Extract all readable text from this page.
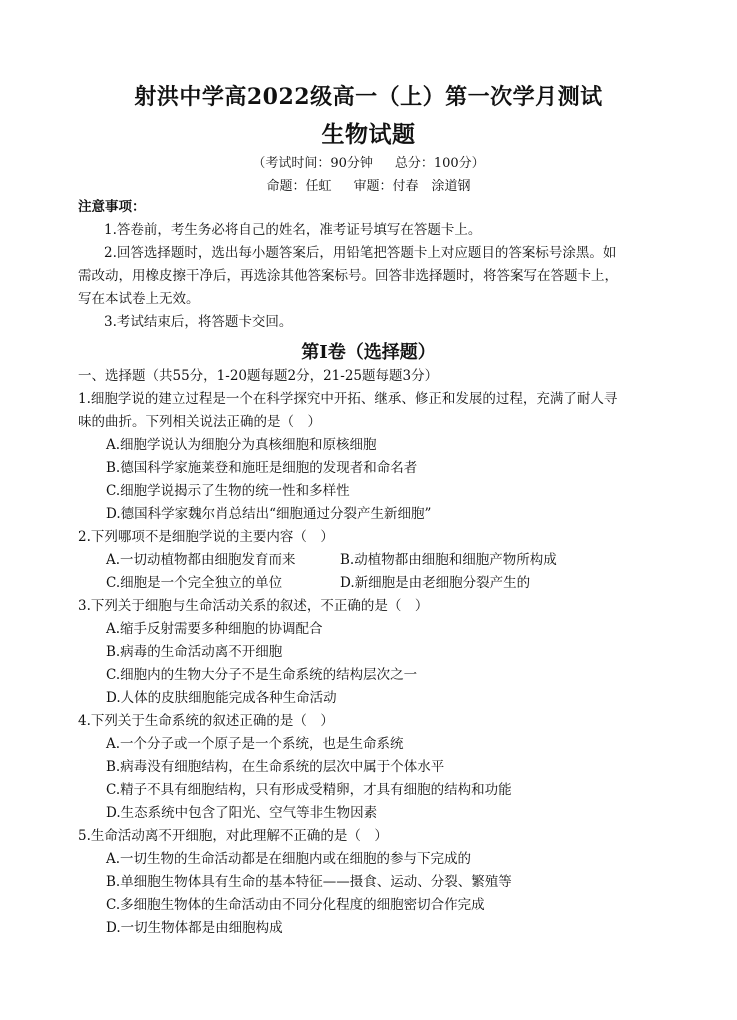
射洪中学高2022级高一（上）第一次学月测试
生物试题
（考试时间：90分钟 总分：100分）
命题：任虹 审题：付春　涂道钢
注意事项：
1.答卷前，考生务必将自己的姓名，准考证号填写在答题卡上。
2.回答选择题时，选出每小题答案后，用铅笔把答题卡上对应题目的答案标号涂黑。如
需改动，用橡皮擦干净后，再选涂其他答案标号。回答非选择题时，将答案写在答题卡上，
写在本试卷上无效。
3.考试结束后，将答题卡交回。
第Ⅰ卷（选择题）
一、选择题（共55分，1-20题每题2分，21-25题每题3分）
1.细胞学说的建立过程是一个在科学探究中开拓、继承、修正和发展的过程，充满了耐人寻
味的曲折。下列相关说法正确的是（　）
A.细胞学说认为细胞分为真核细胞和原核细胞
B.德国科学家施莱登和施旺是细胞的发现者和命名者
C.细胞学说揭示了生物的统一性和多样性
D.德国科学家魏尔肖总结出“细胞通过分裂产生新细胞”
2.下列哪项不是细胞学说的主要内容（　）
A.一切动植物都由细胞发育而来	B.动植物都由细胞和细胞产物所构成
C.细胞是一个完全独立的单位	D.新细胞是由老细胞分裂产生的
3.下列关于细胞与生命活动关系的叙述，不正确的是（　）
A.缩手反射需要多种细胞的协调配合
B.病毒的生命活动离不开细胞
C.细胞内的生物大分子不是生命系统的结构层次之一
D.人体的皮肤细胞能完成各种生命活动
4.下列关于生命系统的叙述正确的是（　）
A.一个分子或一个原子是一个系统，也是生命系统
B.病毒没有细胞结构，在生命系统的层次中属于个体水平
C.精子不具有细胞结构，只有形成受精卵，才具有细胞的结构和功能
D.生态系统中包含了阳光、空气等非生物因素
5.生命活动离不开细胞，对此理解不正确的是（　）
A.一切生物的生命活动都是在细胞内或在细胞的参与下完成的
B.单细胞生物体具有生命的基本特征——摄食、运动、分裂、繁殖等
C.多细胞生物体的生命活动由不同分化程度的细胞密切合作完成
D.一切生物体都是由细胞构成
